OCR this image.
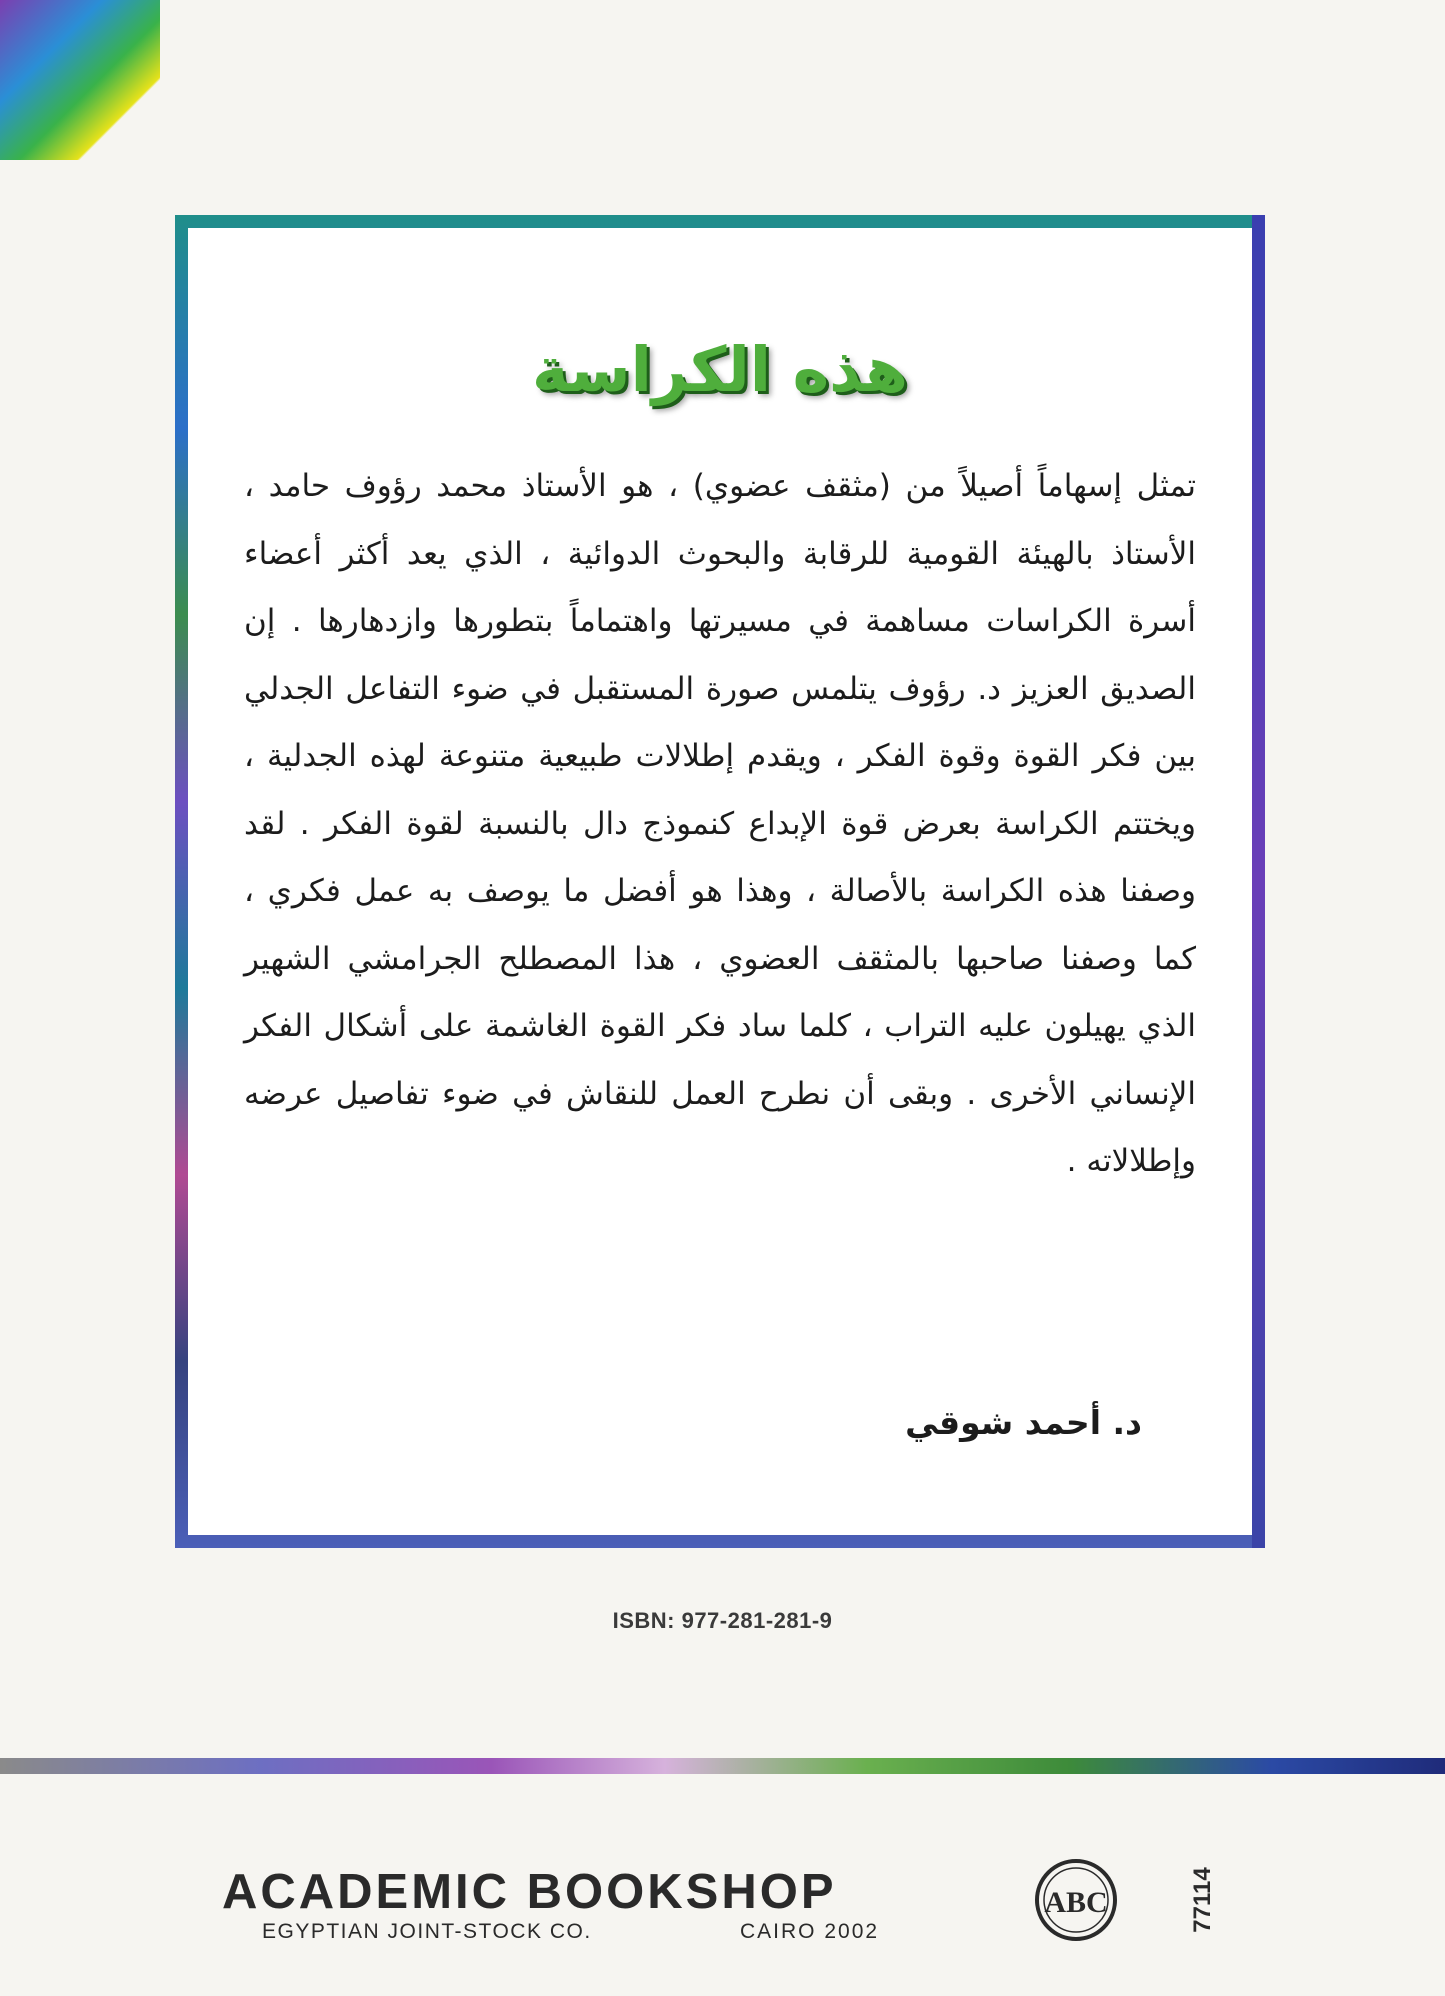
هذه الكراسة
تمثل إسهاماً أصيلاً من (مثقف عضوي) ، هو الأستاذ محمد رؤوف حامد ، الأستاذ بالهيئة القومية للرقابة والبحوث الدوائية ، الذي يعد أكثر أعضاء أسرة الكراسات مساهمة في مسيرتها واهتماماً بتطورها وازدهارها . إن الصديق العزيز د. رؤوف يتلمس صورة المستقبل في ضوء التفاعل الجدلي بين فكر القوة وقوة الفكر ، ويقدم إطلالات طبيعية متنوعة لهذه الجدلية ، ويختتم الكراسة بعرض قوة الإبداع كنموذج دال بالنسبة لقوة الفكر . لقد وصفنا هذه الكراسة بالأصالة ، وهذا هو أفضل ما يوصف به عمل فكري ، كما وصفنا صاحبها بالمثقف العضوي ، هذا المصطلح الجرامشي الشهير الذي يهيلون عليه التراب ، كلما ساد فكر القوة الغاشمة على أشكال الفكر الإنساني الأخرى . وبقى أن نطرح العمل للنقاش في ضوء تفاصيل عرضه وإطلالاته .
د. أحمد شوقي
ISBN: 977-281-281-9
ACADEMIC BOOKSHOP
EGYPTIAN JOINT-STOCK CO.	CAIRO 2002
ABC	77114
